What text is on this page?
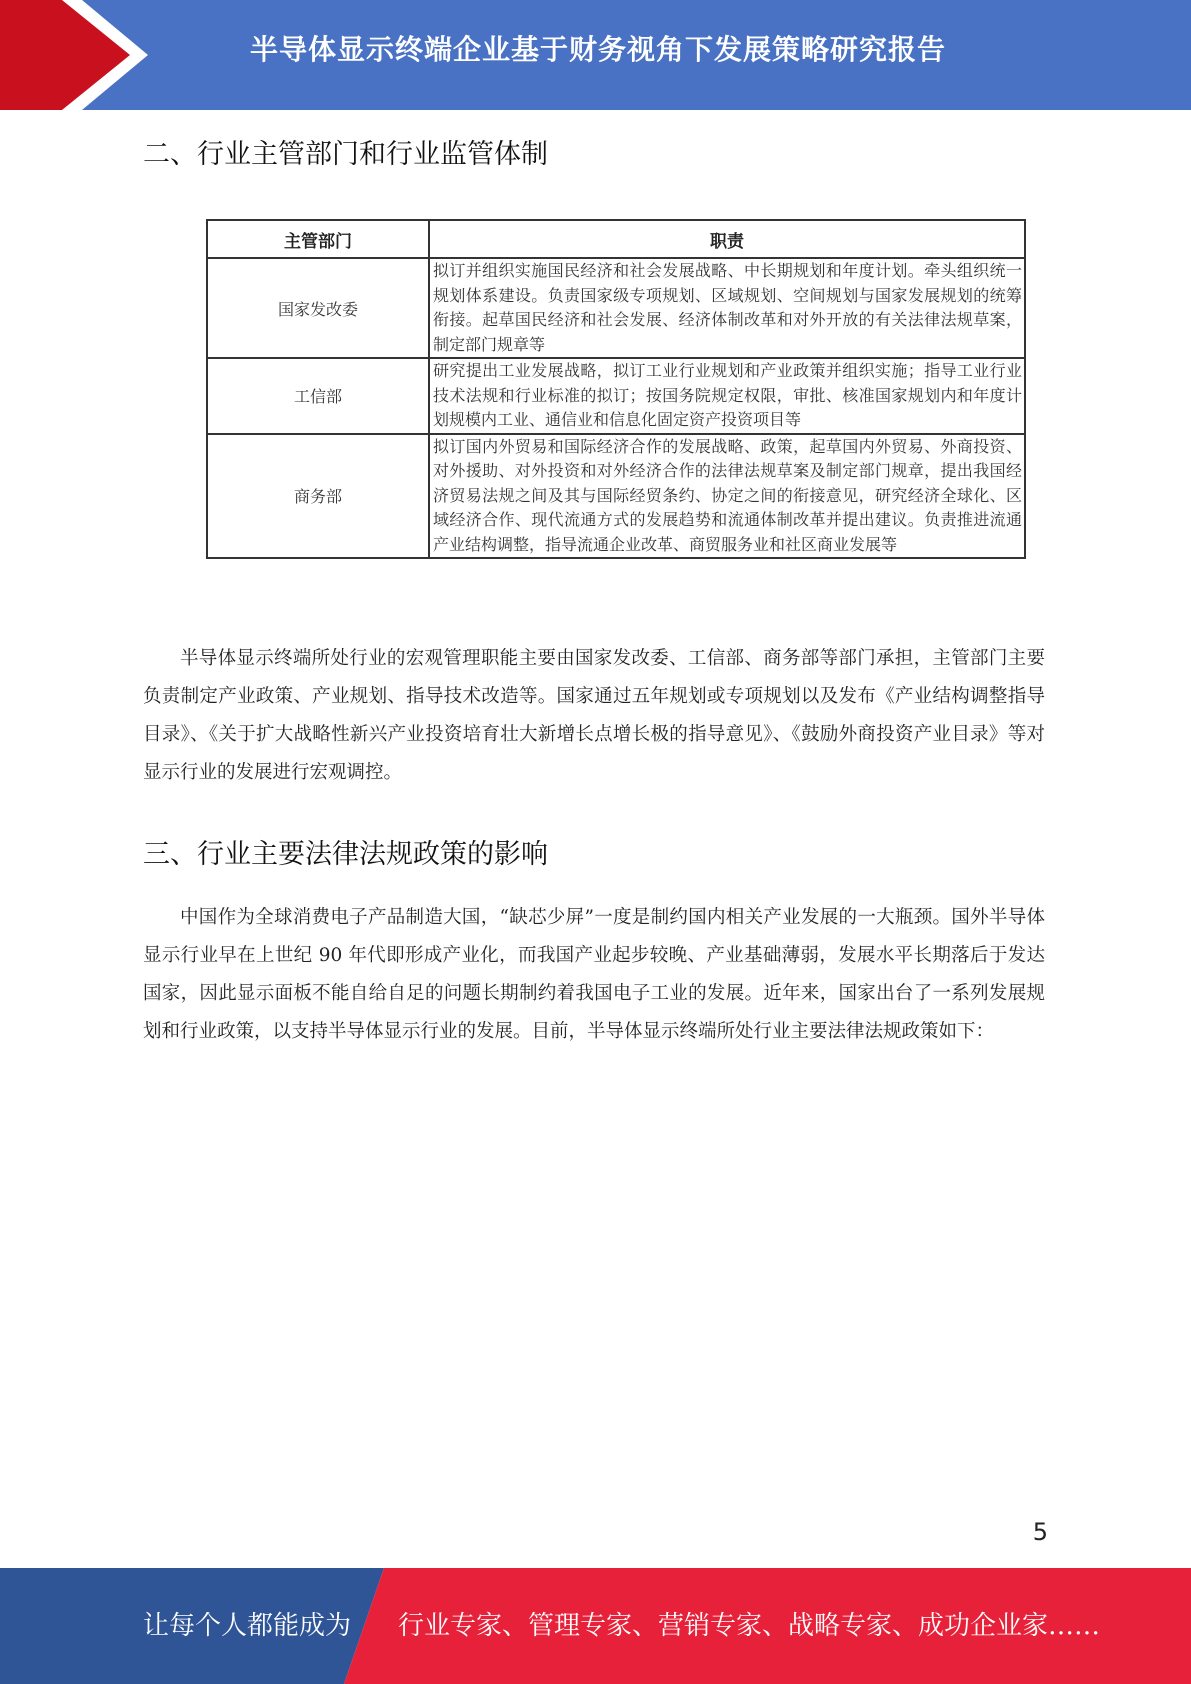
半导体显示终端企业基于财务视角下发展策略研究报告
二、行业主管部门和行业监管体制
主管部门	职责
国家发改委	拟订并组织实施国民经济和社会发展战略、中长期规划和年度计划。牵头组织统一规划体系建设。负责国家级专项规划、区域规划、空间规划与国家发展规划的统筹衔接。起草国民经济和社会发展、经济体制改革和对外开放的有关法律法规草案，制定部门规章等
工信部	研究提出工业发展战略，拟订工业行业规划和产业政策并组织实施；指导工业行业技术法规和行业标准的拟订；按国务院规定权限，审批、核准国家规划内和年度计划规模内工业、通信业和信息化固定资产投资项目等
商务部	拟订国内外贸易和国际经济合作的发展战略、政策，起草国内外贸易、外商投资、对外援助、对外投资和对外经济合作的法律法规草案及制定部门规章，提出我国经济贸易法规之间及其与国际经贸条约、协定之间的衔接意见，研究经济全球化、区域经济合作、现代流通方式的发展趋势和流通体制改革并提出建议。负责推进流通产业结构调整，指导流通企业改革、商贸服务业和社区商业发展等

半导体显示终端所处行业的宏观管理职能主要由国家发改委、工信部、商务部等部门承担，主管部门主要负责制定产业政策、产业规划、指导技术改造等。国家通过五年规划或专项规划以及发布《产业结构调整指导目录》、《关于扩大战略性新兴产业投资培育壮大新增长点增长极的指导意见》、《鼓励外商投资产业目录》等对显示行业的发展进行宏观调控。

三、行业主要法律法规政策的影响

中国作为全球消费电子产品制造大国，“缺芯少屏”一度是制约国内相关产业发展的一大瓶颈。国外半导体显示行业早在上世纪 90 年代即形成产业化，而我国产业起步较晚、产业基础薄弱，发展水平长期落后于发达国家，因此显示面板不能自给自足的问题长期制约着我国电子工业的发展。近年来，国家出台了一系列发展规划和行业政策，以支持半导体显示行业的发展。目前，半导体显示终端所处行业主要法律法规政策如下：

5
让每个人都能成为 行业专家、管理专家、营销专家、战略专家、成功企业家……
